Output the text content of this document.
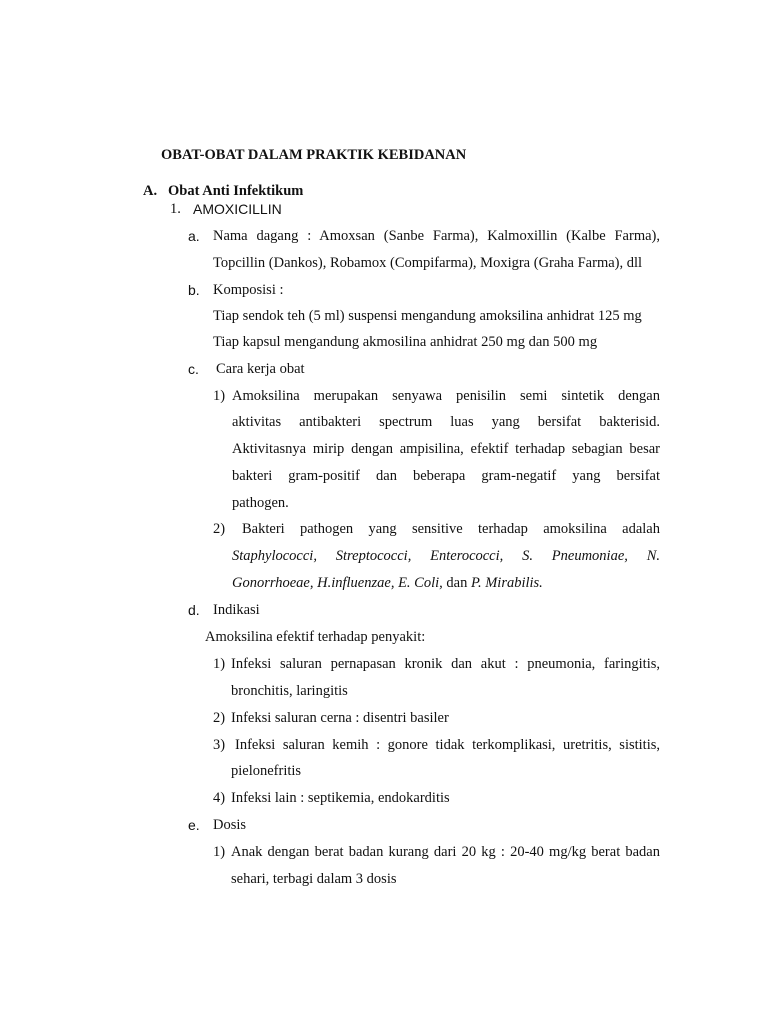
OBAT-OBAT DALAM PRAKTIK KEBIDANAN
A. Obat Anti Infektikum
1. AMOXICILLIN
a. Nama dagang : Amoxsan (Sanbe Farma), Kalmoxillin (Kalbe Farma),
Topcillin (Dankos), Robamox (Compifarma), Moxigra (Graha Farma), dll
b. Komposisi :
Tiap sendok teh (5 ml) suspensi mengandung amoksilina anhidrat 125 mg
Tiap kapsul mengandung akmosilina anhidrat 250 mg dan 500 mg
c. Cara kerja obat
1) Amoksilina merupakan senyawa penisilin semi sintetik dengan
aktivitas antibakteri spectrum luas yang bersifat bakterisid.
Aktivitasnya mirip dengan ampisilina, efektif terhadap sebagian besar
bakteri gram-positif dan beberapa gram-negatif yang bersifat
pathogen.
2) Bakteri pathogen yang sensitive terhadap amoksilina adalah
Staphylococci, Streptococci, Enterococci, S. Pneumoniae, N.
Gonorrhoeae, H.influenzae, E. Coli, dan P. Mirabilis.
d. Indikasi
Amoksilina efektif terhadap penyakit:
1) Infeksi saluran pernapasan kronik dan akut : pneumonia, faringitis,
bronchitis, laringitis
2) Infeksi saluran cerna : disentri basiler
3) Infeksi saluran kemih : gonore tidak terkomplikasi, uretritis, sistitis,
pielonefritis
4) Infeksi lain : septikemia, endokarditis
e. Dosis
1) Anak dengan berat badan kurang dari 20 kg : 20-40 mg/kg berat badan
sehari, terbagi dalam 3 dosis
